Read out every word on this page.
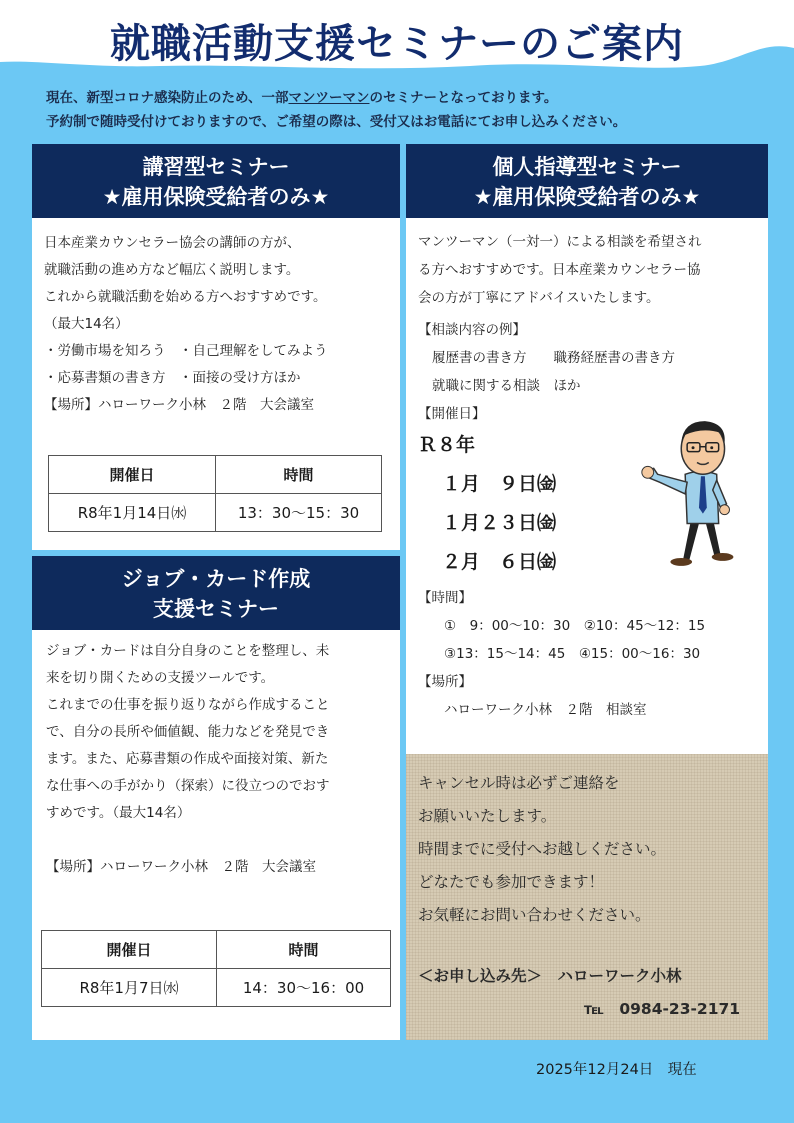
就職活動支援セミナーのご案内
現在、新型コロナ感染防止のため、一部マンツーマンのセミナーとなっております。
予約制で随時受付けておりますので、ご希望の際は、受付又はお電話にてお申し込みください。
講習型セミナー
★雇用保険受給者のみ★
日本産業カウンセラー協会の講師の方が、
就職活動の進め方など幅広く説明します。
これから就職活動を始める方へおすすめです。
（最大14名）
・労働市場を知ろう　・自己理解をしてみよう
・応募書類の書き方　・面接の受け方ほか
【場所】ハローワーク小林　２階　大会議室
開催日	時間
R8年1月14日㈬	13：30～15：30
ジョブ・カード作成
支援セミナー
ジョブ・カードは自分自身のことを整理し、未
来を切り開くための支援ツールです。
これまでの仕事を振り返りながら作成すること
で、自分の長所や価値観、能力などを発見でき
ます。また、応募書類の作成や面接対策、新た
な仕事への手がかり（探索）に役立つのでおす
すめです。（最大14名）
【場所】ハローワーク小林　２階　大会議室
開催日	時間
R8年1月7日㈬	14：30～16：00
個人指導型セミナー
★雇用保険受給者のみ★
マンツーマン（一対一）による相談を希望され
る方へおすすめです。日本産業カウンセラー協
会の方が丁寧にアドバイスいたします。
【相談内容の例】
履歴書の書き方　　職務経歴書の書き方
就職に関する相談　ほか
【開催日】
Ｒ８年
１月　９日㈮
１月２３日㈮
２月　６日㈮
【時間】
①　9：00～10：30　②10：45～12：15
③13：15～14：45　④15：00～16：30
【場所】
ハローワーク小林　２階　相談室
キャンセル時は必ずご連絡を
お願いいたします。
時間までに受付へお越しください。
どなたでも参加できます！
お気軽にお問い合わせください。
＜お申し込み先＞　ハローワーク小林
℡　0984-23-2171
2025年12月24日　現在
